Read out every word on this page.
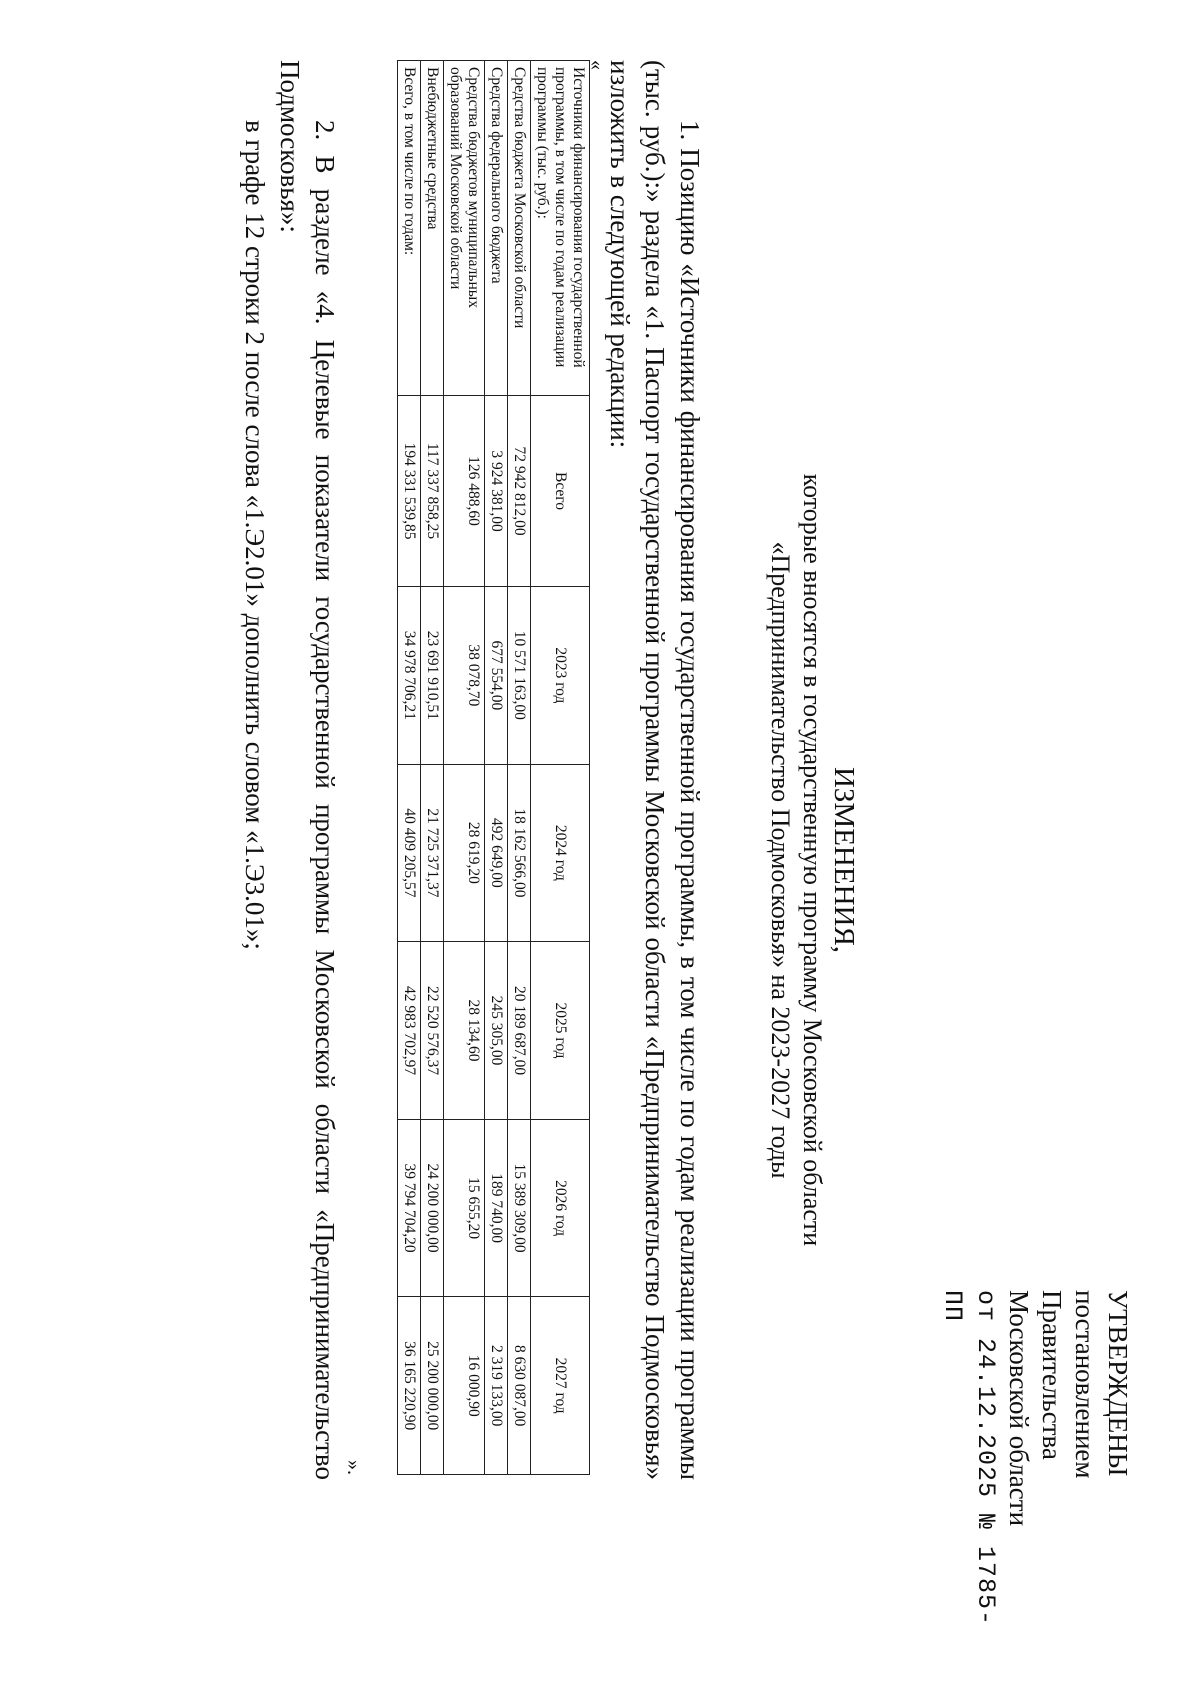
УТВЕРЖДЕНЫ
постановлением Правительства
Московской области
от 24.12.2025 № 1785-ПП
ИЗМЕНЕНИЯ,
которые вносятся в государственную программу Московской области
«Предпринимательство Подмосковья» на 2023-2027 годы
1. Позицию «Источники финансирования государственной программы, в том числе по годам реализации программы (тыс. руб.):» раздела «1. Паспорт государственной программы Московской области «Предпринимательство Подмосковья» изложить в следующей редакции:
«
Источники финансирования государственной программы, в том числе по годам реализации программы (тыс. руб.):	Всего	2023 год	2024 год	2025 год	2026 год	2027 год
Средства бюджета Московской области	72 942 812,00	10 571 163,00	18 162 566,00	20 189 687,00	15 389 309,00	8 630 087,00
Средства федерального бюджета	3 924 381,00	677 554,00	492 649,00	245 305,00	189 740,00	2 319 133,00
Средства бюджетов муниципальных образований Московской области	126 488,60	38 078,70	28 619,20	28 134,60	15 655,20	16 000,90
Внебюджетные средства	117 337 858,25	23 691 910,51	21 725 371,37	22 520 576,37	24 200 000,00	25 200 000,00
Всего, в том числе по годам:	194 331 539,85	34 978 706,21	40 409 205,57	42 983 702,97	39 794 704,20	36 165 220,90
».
2. В разделе «4. Целевые показатели государственной программы Московской области «Предпринимательство Подмосковья»:
в графе 12 строки 2 после слова «1.Э2.01» дополнить словом «1.Э3.01»;
